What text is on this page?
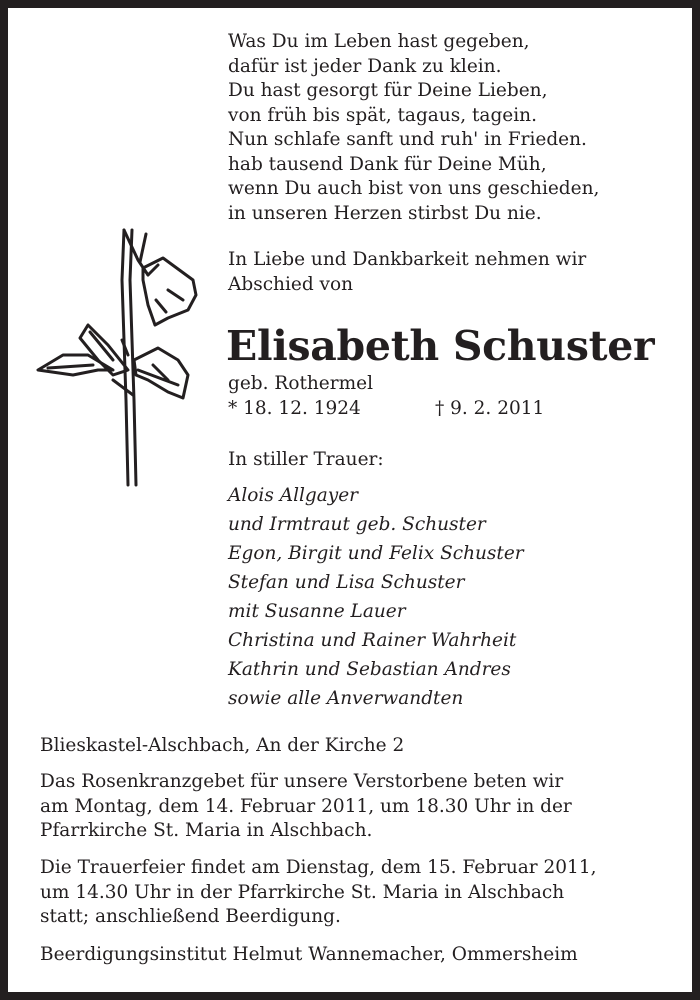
Was Du im Leben hast gegeben,
dafür ist jeder Dank zu klein.
Du hast gesorgt für Deine Lieben,
von früh bis spät, tagaus, tagein.
Nun schlafe sanft und ruh' in Frieden.
hab tausend Dank für Deine Müh,
wenn Du auch bist von uns geschieden,
in unseren Herzen stirbst Du nie.
In Liebe und Dankbarkeit nehmen wir
Abschied von
Elisabeth Schuster
geb. Rothermel
* 18. 12. 1924	† 9. 2. 2011
In stiller Trauer:
Alois Allgayer
und Irmtraut geb. Schuster
Egon, Birgit und Felix Schuster
Stefan und Lisa Schuster
mit Susanne Lauer
Christina und Rainer Wahrheit
Kathrin und Sebastian Andres
sowie alle Anverwandten
Blieskastel-Alschbach, An der Kirche 2
Das Rosenkranzgebet für unsere Verstorbene beten wir
am Montag, dem 14. Februar 2011, um 18.30 Uhr in der
Pfarrkirche St. Maria in Alschbach.
Die Trauerfeier findet am Dienstag, dem 15. Februar 2011,
um 14.30 Uhr in der Pfarrkirche St. Maria in Alschbach
statt; anschließend Beerdigung.
Beerdigungsinstitut Helmut Wannemacher, Ommersheim
